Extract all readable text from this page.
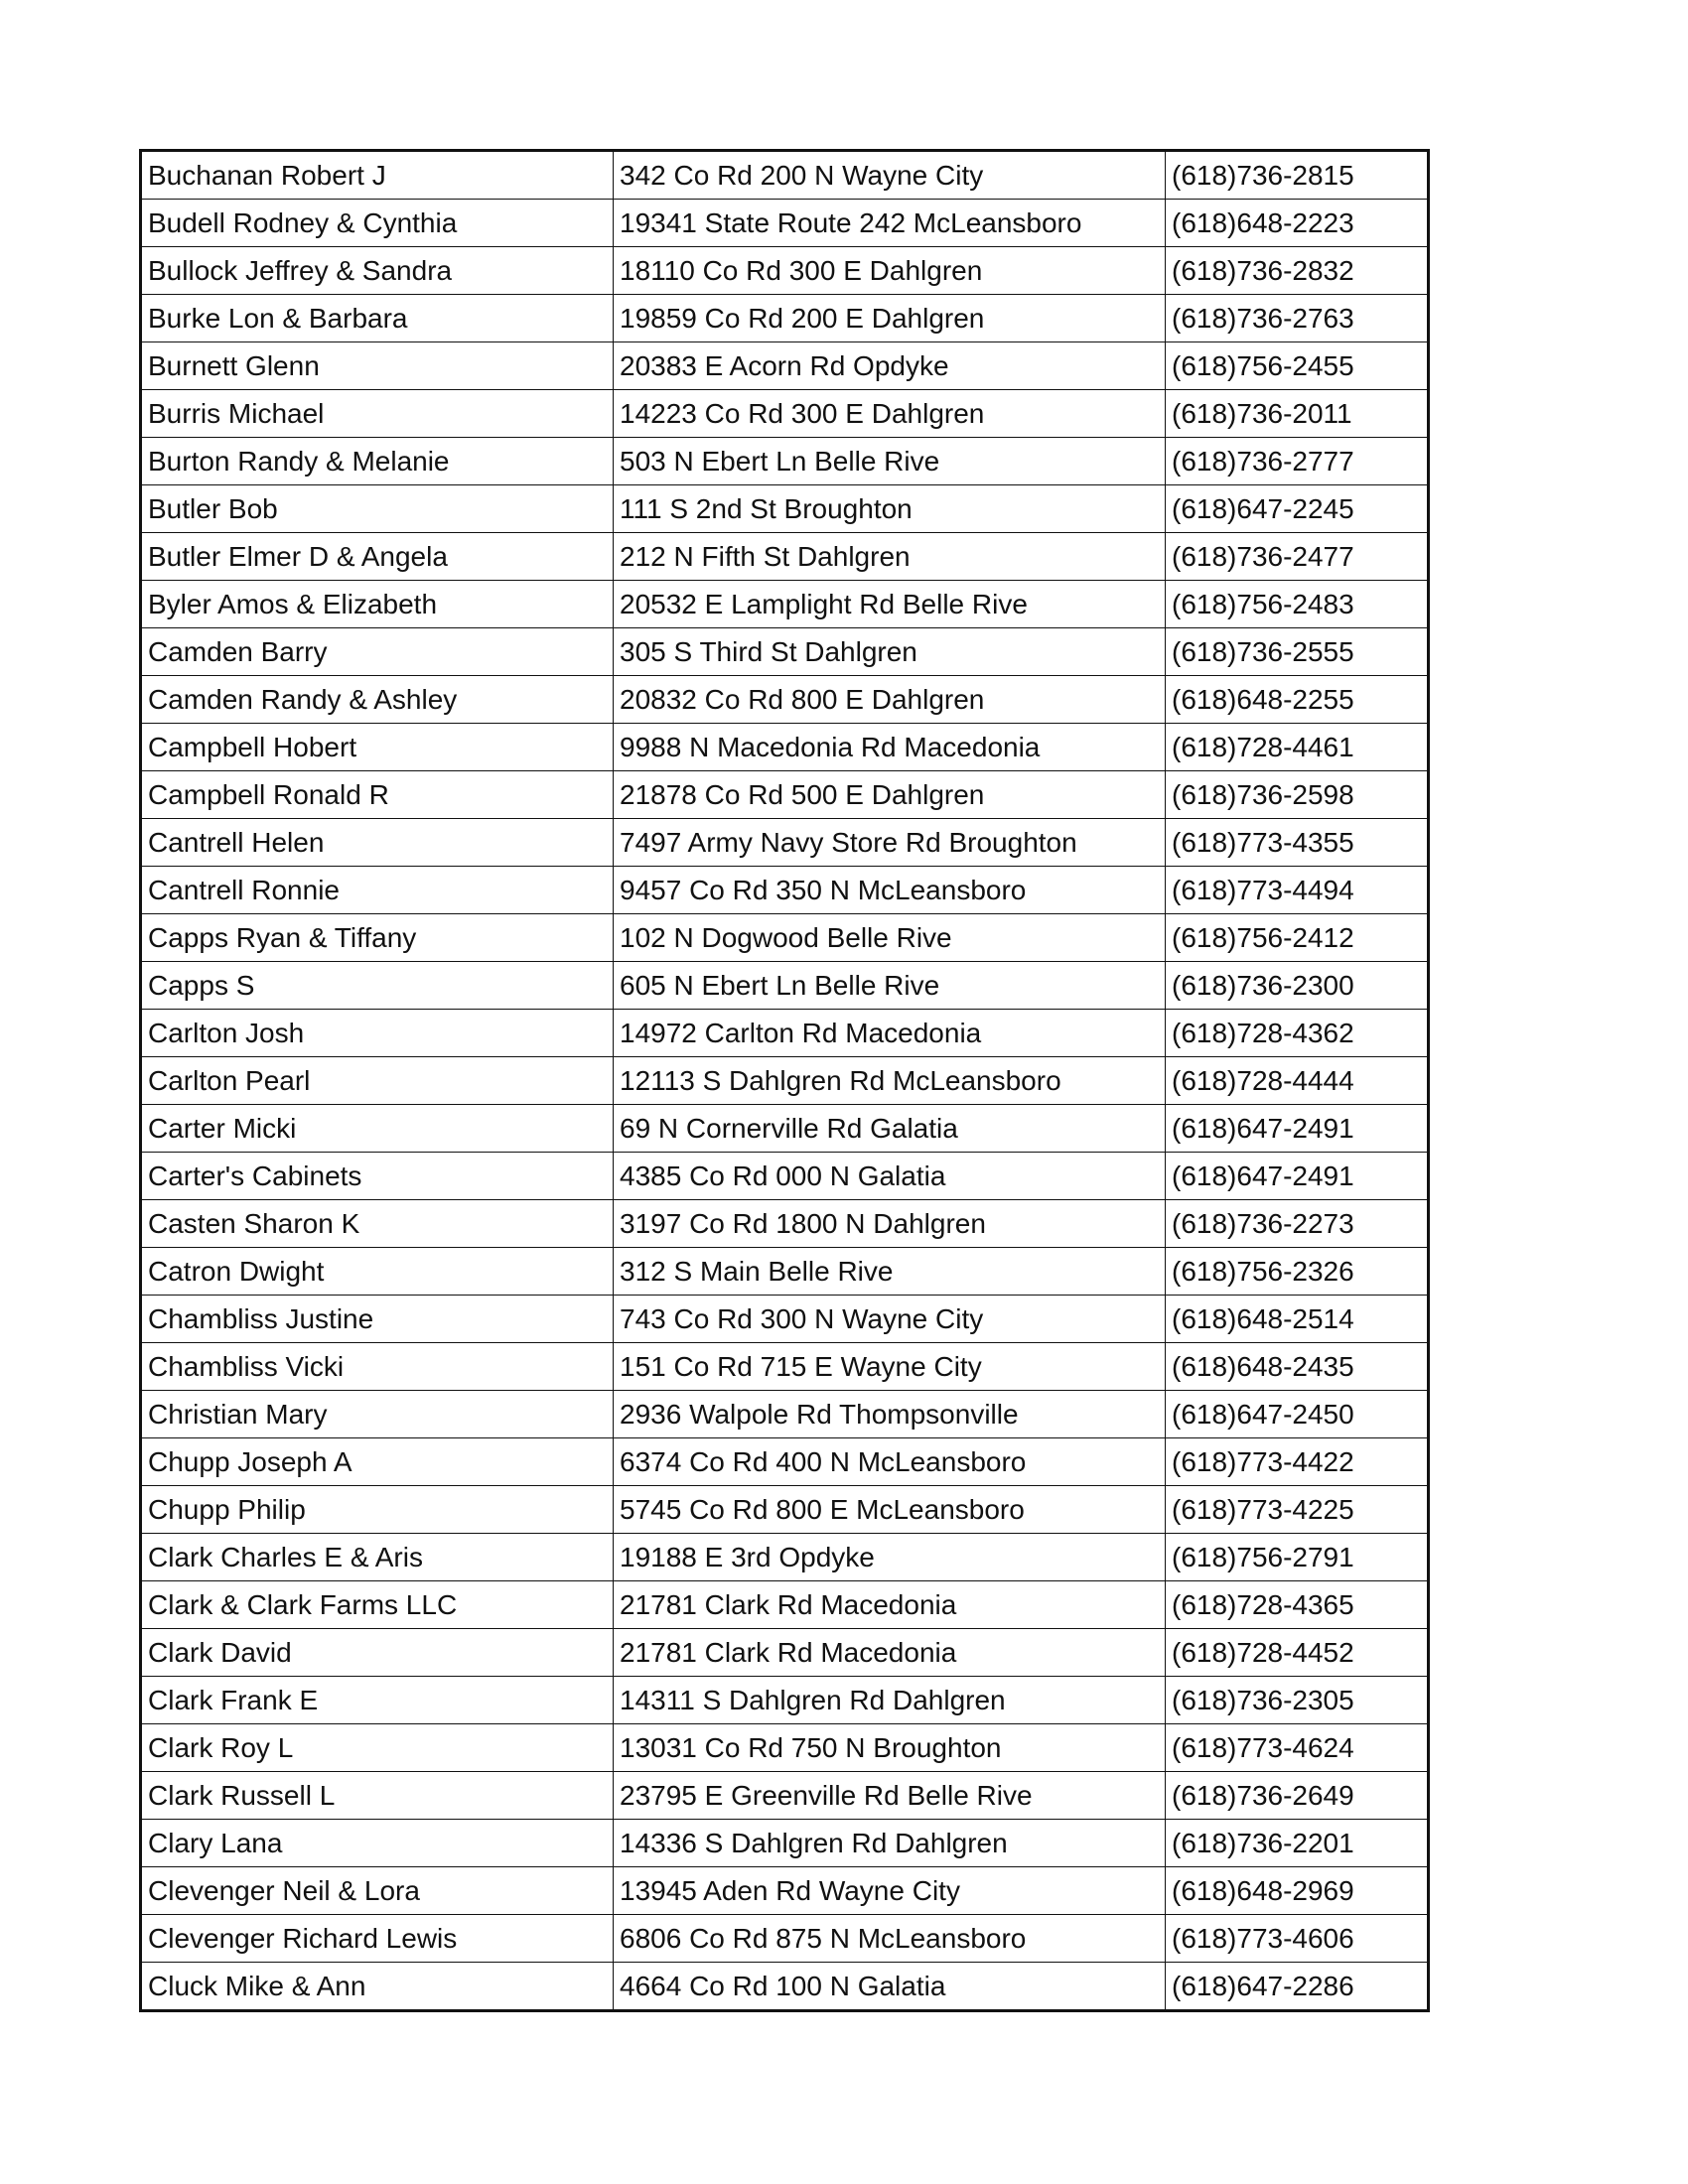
Buchanan Robert J	342 Co Rd 200 N Wayne City	(618)736-2815
Budell Rodney & Cynthia	19341 State Route 242 McLeansboro	(618)648-2223
Bullock Jeffrey & Sandra	18110 Co Rd 300 E Dahlgren	(618)736-2832
Burke Lon & Barbara	19859 Co Rd 200 E Dahlgren	(618)736-2763
Burnett Glenn	20383 E Acorn Rd Opdyke	(618)756-2455
Burris Michael	14223 Co Rd 300 E Dahlgren	(618)736-2011
Burton Randy & Melanie	503 N Ebert Ln Belle Rive	(618)736-2777
Butler Bob	111 S 2nd St Broughton	(618)647-2245
Butler Elmer D & Angela	212 N Fifth St Dahlgren	(618)736-2477
Byler Amos & Elizabeth	20532 E Lamplight Rd Belle Rive	(618)756-2483
Camden Barry	305 S Third St Dahlgren	(618)736-2555
Camden Randy & Ashley	20832 Co Rd 800 E Dahlgren	(618)648-2255
Campbell Hobert	9988 N Macedonia Rd Macedonia	(618)728-4461
Campbell Ronald R	21878 Co Rd 500 E Dahlgren	(618)736-2598
Cantrell Helen	7497 Army Navy Store Rd Broughton	(618)773-4355
Cantrell Ronnie	9457 Co Rd 350 N McLeansboro	(618)773-4494
Capps Ryan & Tiffany	102 N Dogwood Belle Rive	(618)756-2412
Capps S	605 N Ebert Ln Belle Rive	(618)736-2300
Carlton Josh	14972 Carlton Rd Macedonia	(618)728-4362
Carlton Pearl	12113 S Dahlgren Rd McLeansboro	(618)728-4444
Carter Micki	69 N Cornerville Rd Galatia	(618)647-2491
Carter's Cabinets	4385 Co Rd 000 N Galatia	(618)647-2491
Casten Sharon K	3197 Co Rd 1800 N Dahlgren	(618)736-2273
Catron Dwight	312 S Main Belle Rive	(618)756-2326
Chambliss Justine	743 Co Rd 300 N Wayne City	(618)648-2514
Chambliss Vicki	151 Co Rd 715 E Wayne City	(618)648-2435
Christian Mary	2936 Walpole Rd Thompsonville	(618)647-2450
Chupp Joseph A	6374 Co Rd 400 N McLeansboro	(618)773-4422
Chupp Philip	5745 Co Rd 800 E McLeansboro	(618)773-4225
Clark Charles E & Aris	19188 E 3rd Opdyke	(618)756-2791
Clark & Clark Farms LLC	21781 Clark Rd Macedonia	(618)728-4365
Clark David	21781 Clark Rd Macedonia	(618)728-4452
Clark Frank E	14311 S Dahlgren Rd Dahlgren	(618)736-2305
Clark Roy L	13031 Co Rd 750 N Broughton	(618)773-4624
Clark Russell L	23795 E Greenville Rd Belle Rive	(618)736-2649
Clary Lana	14336 S Dahlgren Rd Dahlgren	(618)736-2201
Clevenger Neil & Lora	13945 Aden Rd Wayne City	(618)648-2969
Clevenger Richard Lewis	6806 Co Rd 875 N McLeansboro	(618)773-4606
Cluck Mike & Ann	4664 Co Rd 100 N Galatia	(618)647-2286
